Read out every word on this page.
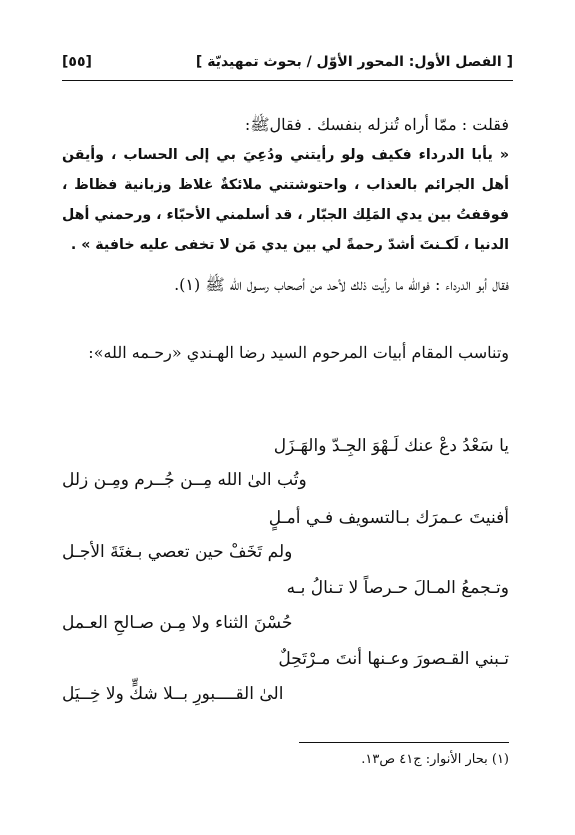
[ الفصل الأول: المحور الأوّل / بحوث تمهيديّة ]
[٥٥]

فقلت : ممّا أراه تُنزله بنفسك . فقالﷺ:

« يأبا الدرداء فكيف ولو رأيتني ودُعِيَ بي إلى الحساب ، وأيقن أهل الجرائم بالعذاب ، واحتوشتني ملائكةٌ غلاظ وزبانية فظاظ ، فوقفتُ بين يدي المَلِك الجبّار ، قد أسلمني الأحبّاء ، ورحمني أهل الدنيا ، لَكـنتَ أشدّ رحمةً لي بين يدي مَن لا تخفى عليه خافية » .

فقال أبو الدرداء : فوالله ما رأيت ذلك لأحد من أصحاب رسـول الله ﷺ (١).

وتناسب المقام أبيات المرحوم السيد رضا الهـندي «رحـمه الله»:

يا سَعْدُ دعْ عنك لَـهْوَ الجِـدّ والهَـزَل

وتُب الىٰ الله مِــن جُــرم ومِـن زلل

أفنيتَ عـمرَك بـالتسويف فـي أمـلٍ

ولم تَخَفْ حين تعصي بـغتَةَ الأجـل

وتـجمعُ المـالَ حـرصاً لا تـنالُ بـه

حُسْنَ الثناء ولا مِـن صـالحِ العـمل

تـبني القـصورَ وعـنها أنتَ مـرْتَحِلٌ

الىٰ القــــبورِ بــلا شكٍّ ولا خِــيَل

(١) بحار الأنوار: ج٤١ ص١٣.
